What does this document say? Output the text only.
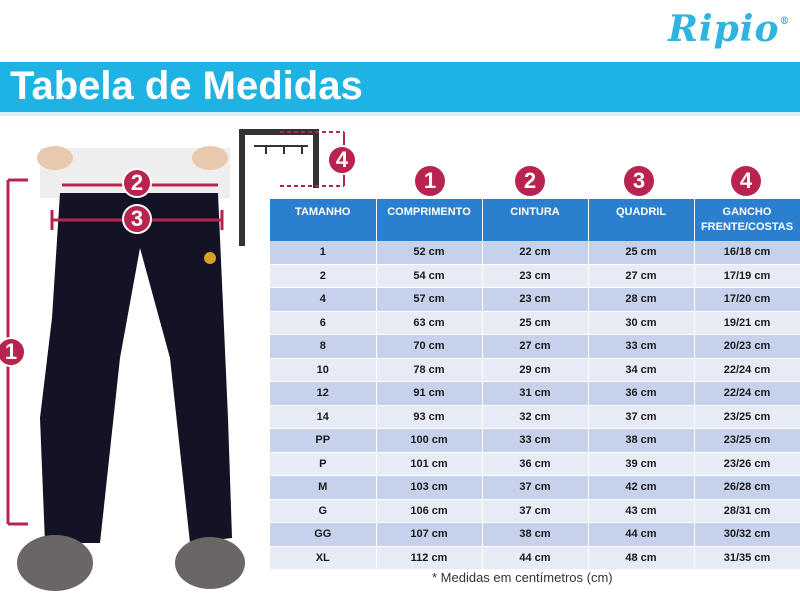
Ripio®
Tabela de Medidas
1
2
3
4
1	2	3	4
TAMANHO	COMPRIMENTO	CINTURA	QUADRIL	GANCHO
FRENTE/COSTAS
1	52 cm	22 cm	25 cm	16/18 cm
2	54 cm	23 cm	27 cm	17/19 cm
4	57 cm	23 cm	28 cm	17/20 cm
6	63 cm	25 cm	30 cm	19/21 cm
8	70 cm	27 cm	33 cm	20/23 cm
10	78 cm	29 cm	34 cm	22/24 cm
12	91 cm	31 cm	36 cm	22/24 cm
14	93 cm	32 cm	37 cm	23/25 cm
PP	100 cm	33 cm	38 cm	23/25 cm
P	101 cm	36 cm	39 cm	23/26 cm
M	103 cm	37 cm	42 cm	26/28 cm
G	106 cm	37 cm	43 cm	28/31 cm
GG	107 cm	38 cm	44 cm	30/32 cm
XL	112 cm	44 cm	48 cm	31/35 cm
* Medidas em centímetros (cm)
